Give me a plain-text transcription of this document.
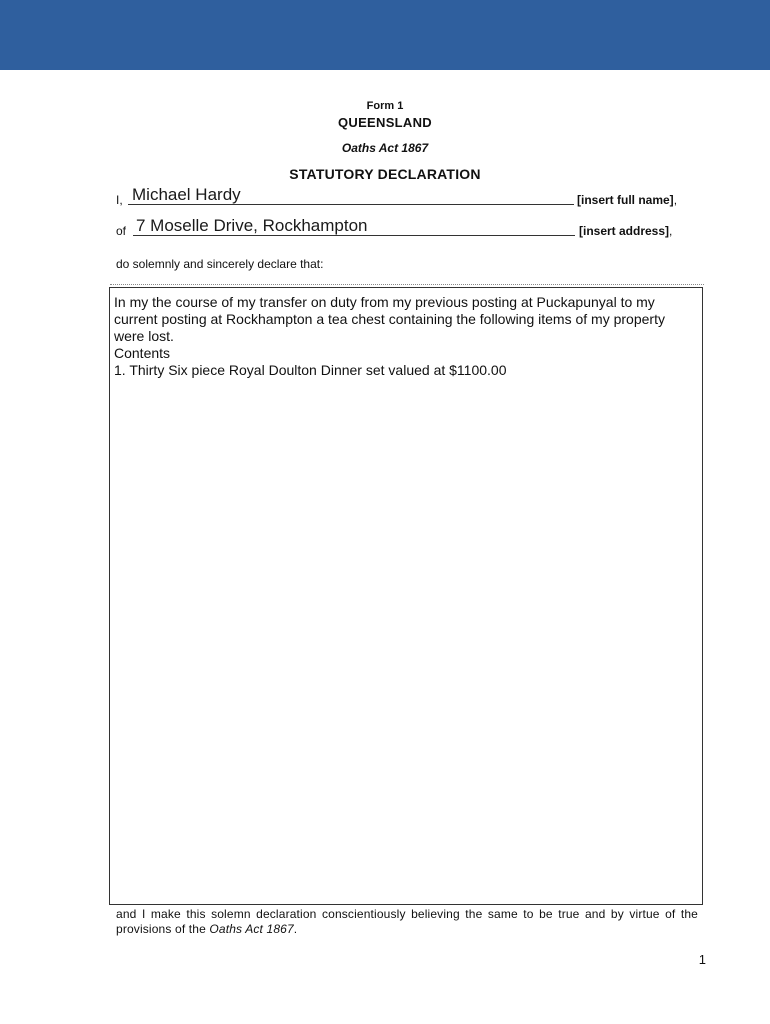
Form 1
QUEENSLAND
Oaths Act 1867
STATUTORY DECLARATION
I, Michael Hardy	[insert full name],
of 7 Moselle Drive, Rockhampton	[insert address],
do solemnly and sincerely declare that:

In my the course of my transfer on duty from my previous posting at Puckapunyal to my current posting at Rockhampton a tea chest containing the following items of my property were lost.

Contents

1. Thirty Six piece Royal Doulton Dinner set valued at $1100.00

and I make this solemn declaration conscientiously believing the same to be true and by virtue of the provisions of the Oaths Act 1867.
1
